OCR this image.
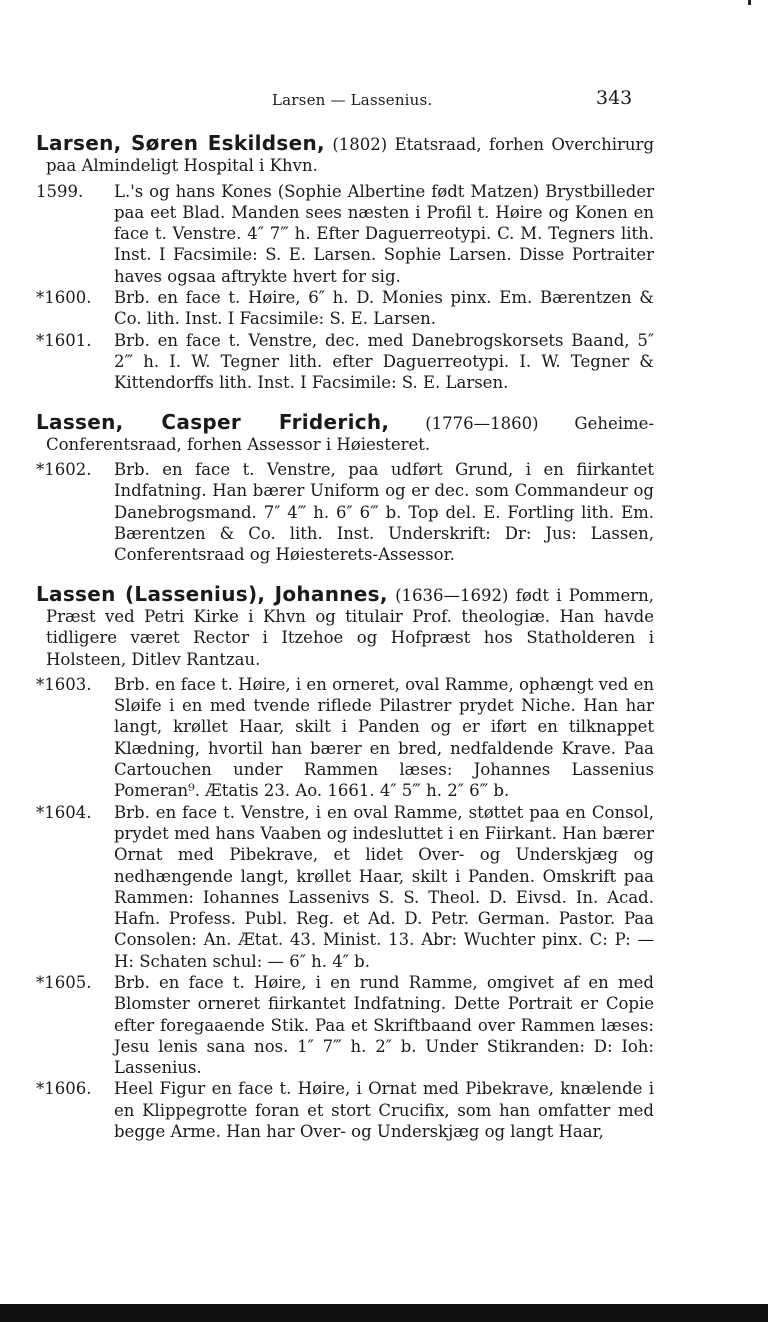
Larsen — Lassenius.	343

Larsen, Søren Eskildsen, (1802) Etatsraad, forhen Overchirurg paa Almindeligt Hospital i Khvn.

1599.	L.'s og hans Kones (Sophie Albertine født Matzen) Brystbilleder paa eet Blad. Manden sees næsten i Profil t. Høire og Konen en face t. Venstre. 4″ 7‴ h. Efter Daguerreotypi. C. M. Tegners lith. Inst. I Facsimile: S. E. Larsen. Sophie Larsen. Disse Portraiter haves ogsaa aftrykte hvert for sig.

*1600.	Brb. en face t. Høire, 6″ h. D. Monies pinx. Em. Bærentzen & Co. lith. Inst. I Facsimile: S. E. Larsen.

*1601.	Brb. en face t. Venstre, dec. med Danebrogskorsets Baand, 5″ 2‴ h. I. W. Tegner lith. efter Daguerreotypi. I. W. Tegner & Kittendorffs lith. Inst. I Facsimile: S. E. Larsen.

Lassen, Casper Friderich, (1776—1860) Geheime-Conferentsraad, forhen Assessor i Høiesteret.

*1602.	Brb. en face t. Venstre, paa udført Grund, i en fiirkantet Indfatning. Han bærer Uniform og er dec. som Commandeur og Danebrogsmand. 7″ 4‴ h. 6″ 6‴ b. Top del. E. Fortling lith. Em. Bærentzen & Co. lith. Inst. Underskrift: Dr: Jus: Lassen, Conferentsraad og Høiesterets-Assessor.

Lassen (Lassenius), Johannes, (1636—1692) født i Pommern, Præst ved Petri Kirke i Khvn og titulair Prof. theologiæ. Han havde tidligere været Rector i Itzehoe og Hofpræst hos Statholderen i Holsteen, Ditlev Rantzau.

*1603.	Brb. en face t. Høire, i en orneret, oval Ramme, ophængt ved en Sløife i en med tvende riflede Pilastrer prydet Niche. Han har langt, krøllet Haar, skilt i Panden og er iført en tilknappet Klædning, hvortil han bærer en bred, nedfaldende Krave. Paa Cartouchen under Rammen læses: Johannes Lassenius Pomeran⁹. Ætatis 23. Ao. 1661. 4″ 5‴ h. 2″ 6‴ b.

*1604.	Brb. en face t. Venstre, i en oval Ramme, støttet paa en Consol, prydet med hans Vaaben og indesluttet i en Fiirkant. Han bærer Ornat med Pibekrave, et lidet Over- og Underskjæg og nedhængende langt, krøllet Haar, skilt i Panden. Omskrift paa Rammen: Iohannes Lassenivs S. S. Theol. D. Eivsd. In. Acad. Hafn. Profess. Publ. Reg. et Ad. D. Petr. German. Pastor. Paa Consolen: An. Ætat. 43. Minist. 13. Abr: Wuchter pinx. C: P: — H: Schaten schul: — 6″ h. 4″ b.

*1605.	Brb. en face t. Høire, i en rund Ramme, omgivet af en med Blomster orneret fiirkantet Indfatning. Dette Portrait er Copie efter foregaaende Stik. Paa et Skriftbaand over Rammen læses: Jesu lenis sana nos. 1″ 7‴ h. 2″ b. Under Stikranden: D: Ioh: Lassenius.

*1606.	Heel Figur en face t. Høire, i Ornat med Pibekrave, knælende i en Klippegrotte foran et stort Crucifix, som han omfatter med begge Arme. Han har Over- og Underskjæg og langt Haar,
